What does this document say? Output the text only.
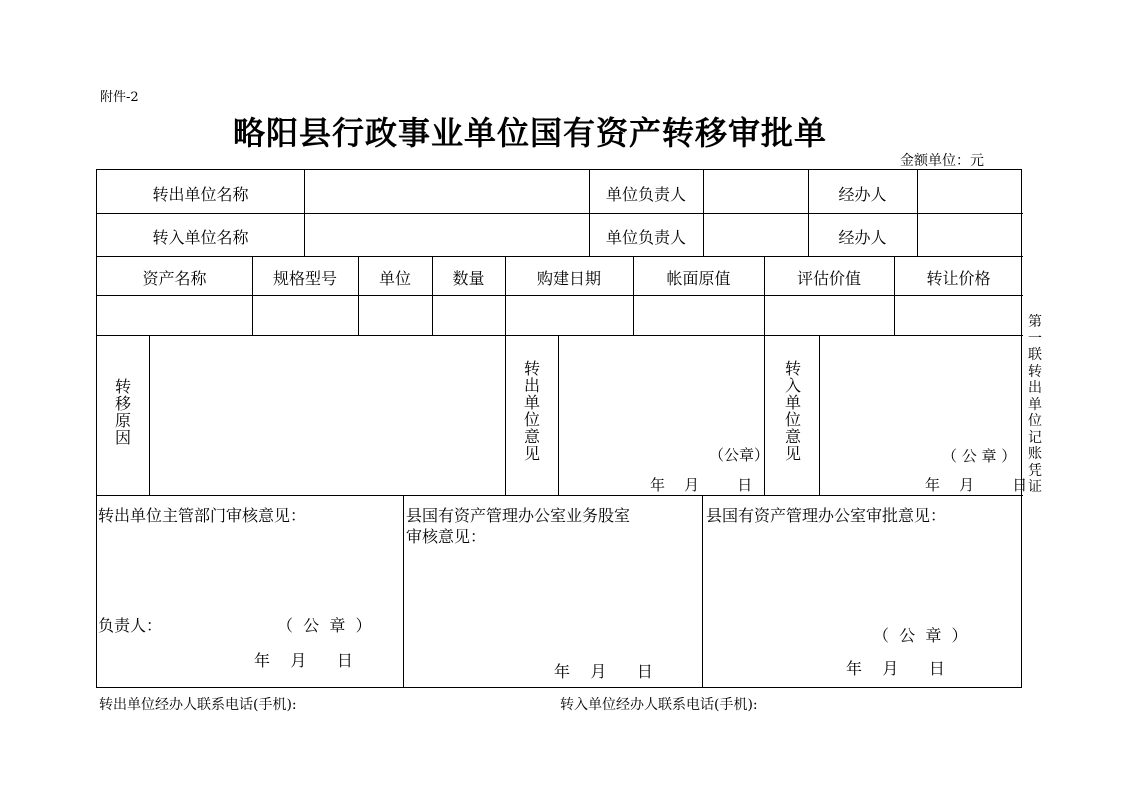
附件-2
略阳县行政事业单位国有资产转移审批单
金额单位：元
转出单位名称	单位负责人	经办人
转入单位名称	单位负责人	经办人
资产名称	规格型号	单位	数量	购建日期	帐面原值	评估价值	转让价格
转移原因
转出单位意见	（公章）
年    月        日
转入单位意见	（ 公 章 ）
年    月        日
转出单位主管部门审核意见：
负责人：	（  公  章  ）
年    月      日
县国有资产管理办公室业务股室
审核意见：
年    月      日
县国有资产管理办公室审批意见：
（  公  章  ）
年    月      日
第一联转出单位记账凭证
转出单位经办人联系电话(手机):	转入单位经办人联系电话(手机):
